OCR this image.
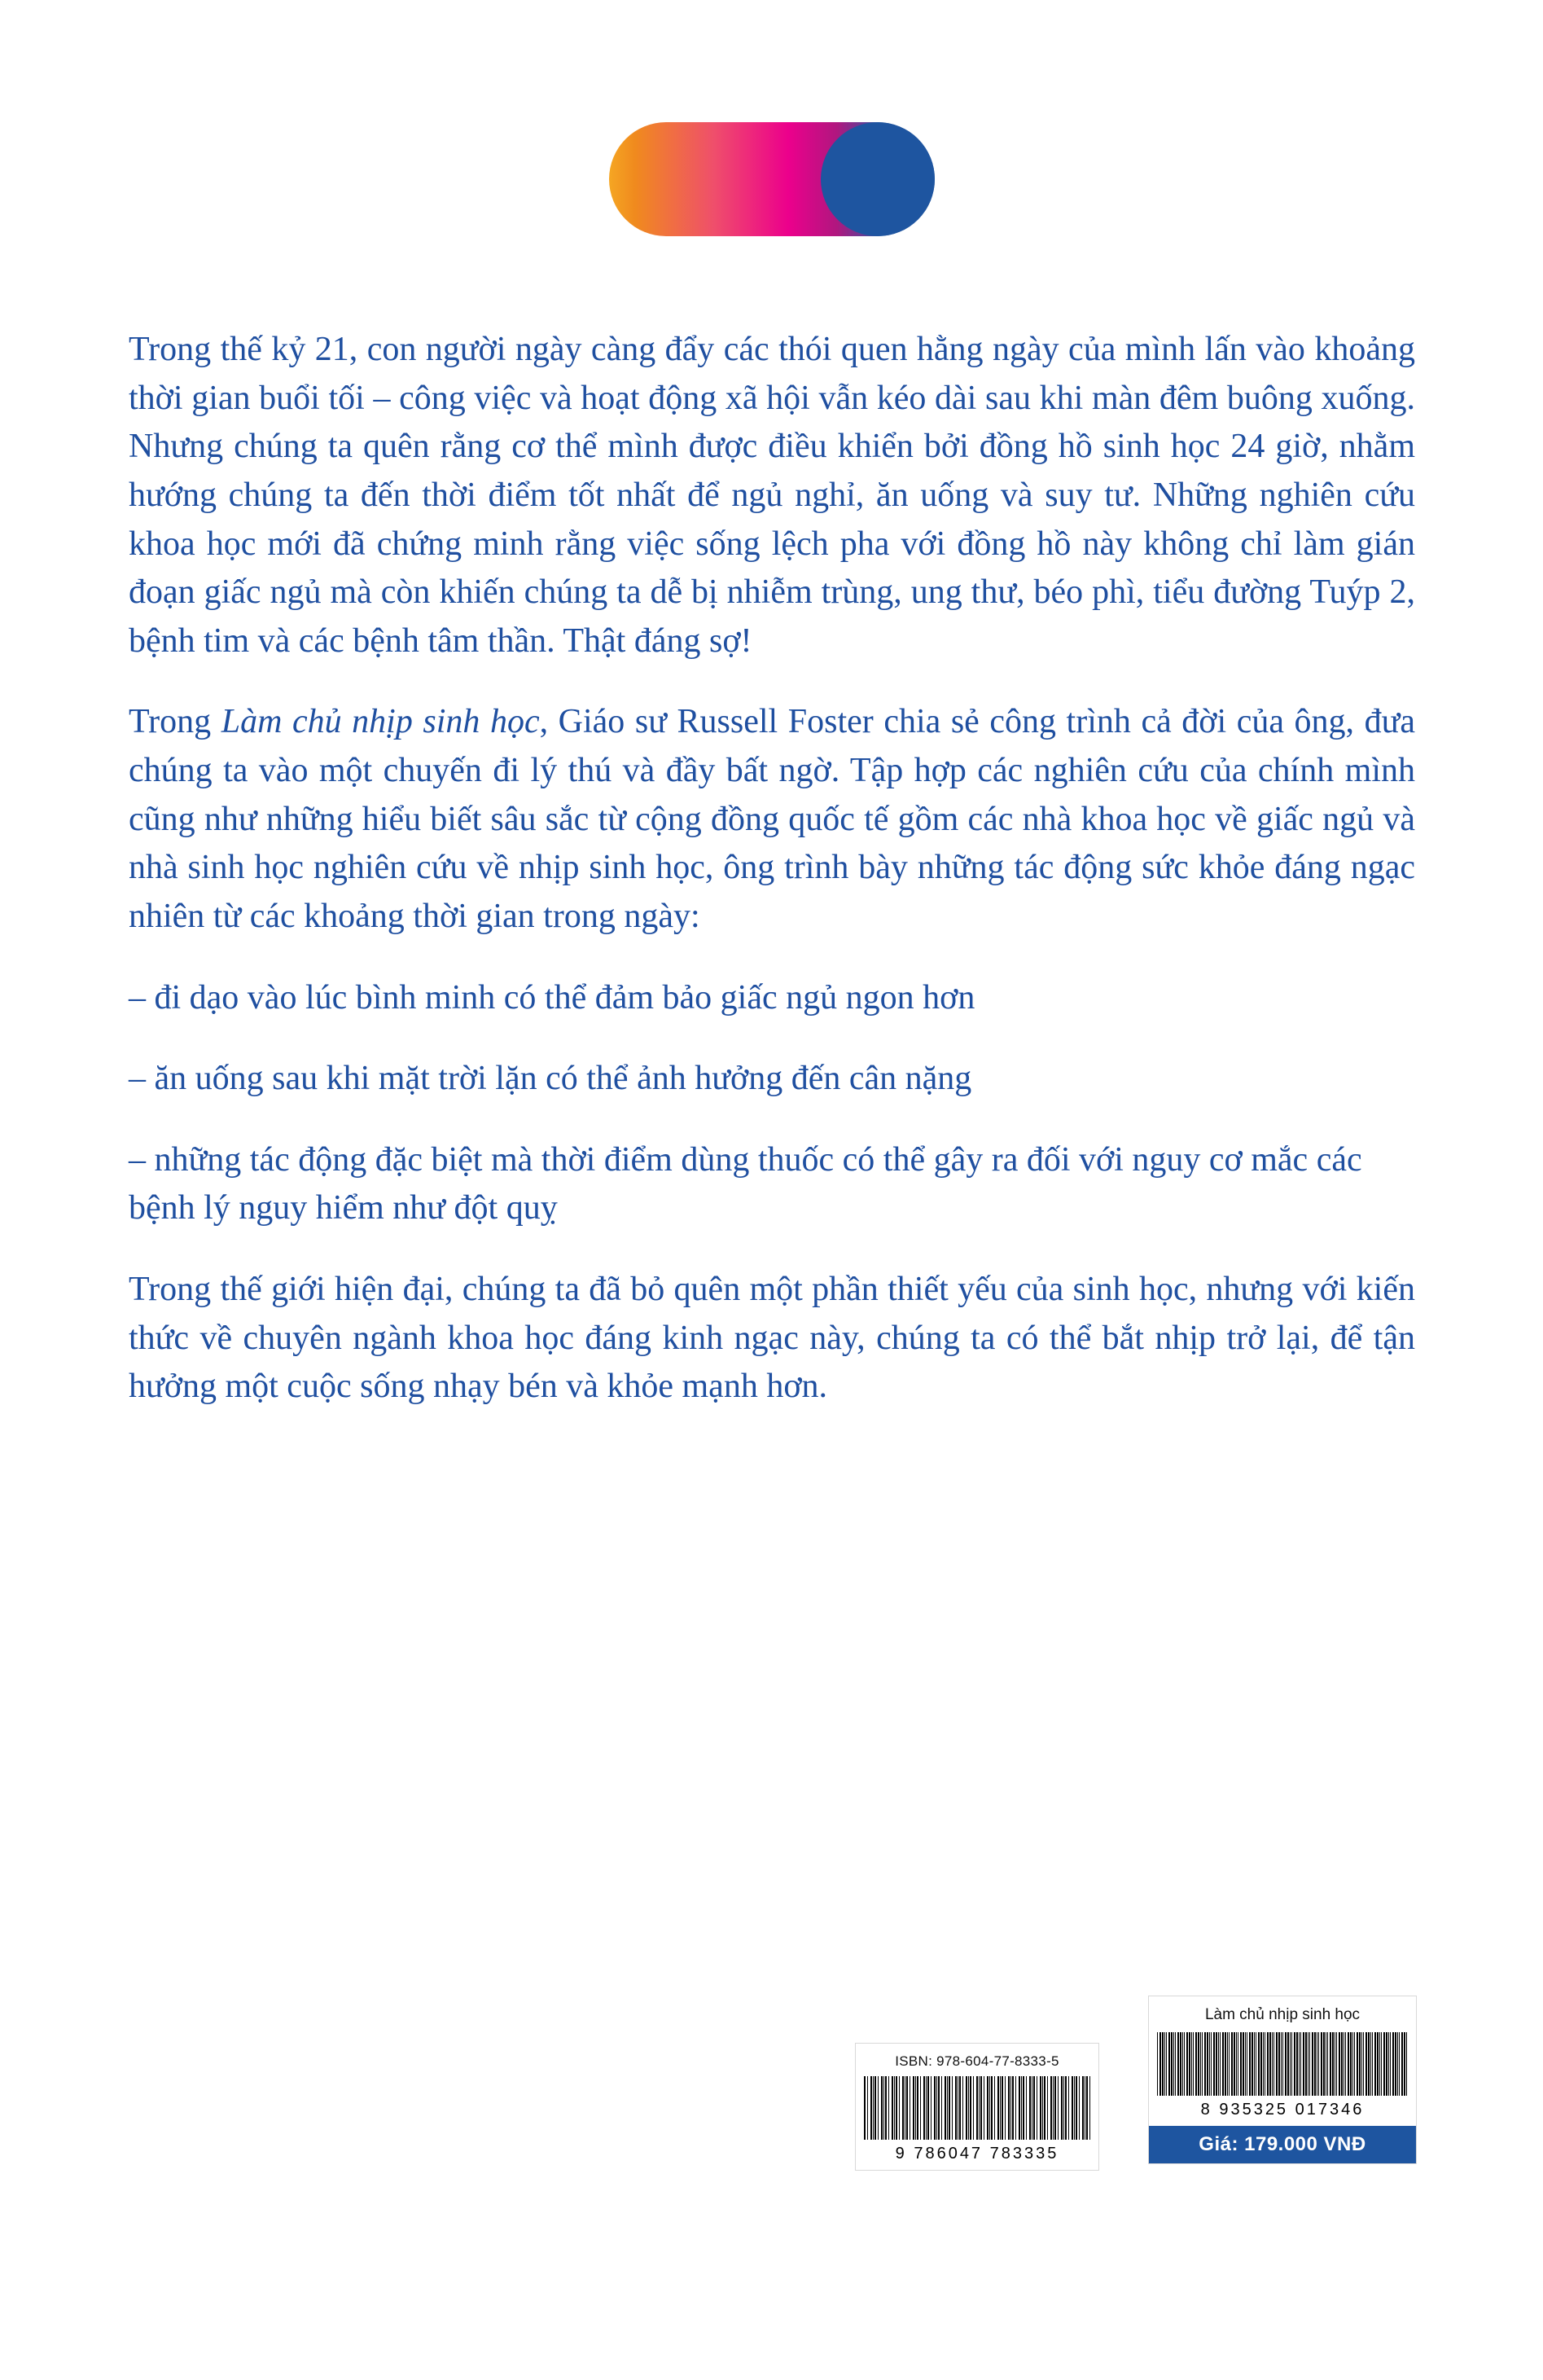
Trong thế kỷ 21, con người ngày càng đẩy các thói quen hằng ngày của mình lấn vào khoảng thời gian buổi tối – công việc và hoạt động xã hội vẫn kéo dài sau khi màn đêm buông xuống. Nhưng chúng ta quên rằng cơ thể mình được điều khiển bởi đồng hồ sinh học 24 giờ, nhằm hướng chúng ta đến thời điểm tốt nhất để ngủ nghỉ, ăn uống và suy tư. Những nghiên cứu khoa học mới đã chứng minh rằng việc sống lệch pha với đồng hồ này không chỉ làm gián đoạn giấc ngủ mà còn khiến chúng ta dễ bị nhiễm trùng, ung thư, béo phì, tiểu đường Tuýp 2, bệnh tim và các bệnh tâm thần. Thật đáng sợ!

Trong Làm chủ nhịp sinh học, Giáo sư Russell Foster chia sẻ công trình cả đời của ông, đưa chúng ta vào một chuyến đi lý thú và đầy bất ngờ. Tập hợp các nghiên cứu của chính mình cũng như những hiểu biết sâu sắc từ cộng đồng quốc tế gồm các nhà khoa học về giấc ngủ và nhà sinh học nghiên cứu về nhịp sinh học, ông trình bày những tác động sức khỏe đáng ngạc nhiên từ các khoảng thời gian trong ngày:

– đi dạo vào lúc bình minh có thể đảm bảo giấc ngủ ngon hơn

– ăn uống sau khi mặt trời lặn có thể ảnh hưởng đến cân nặng

– những tác động đặc biệt mà thời điểm dùng thuốc có thể gây ra đối với nguy cơ mắc các bệnh lý nguy hiểm như đột quỵ

Trong thế giới hiện đại, chúng ta đã bỏ quên một phần thiết yếu của sinh học, nhưng với kiến thức về chuyên ngành khoa học đáng kinh ngạc này, chúng ta có thể bắt nhịp trở lại, để tận hưởng một cuộc sống nhạy bén và khỏe mạnh hơn.

ISBN: 978-604-77-8333-5
9 786047 783335
Làm chủ nhịp sinh học
8 935325 017346
Giá: 179.000 VNĐ
